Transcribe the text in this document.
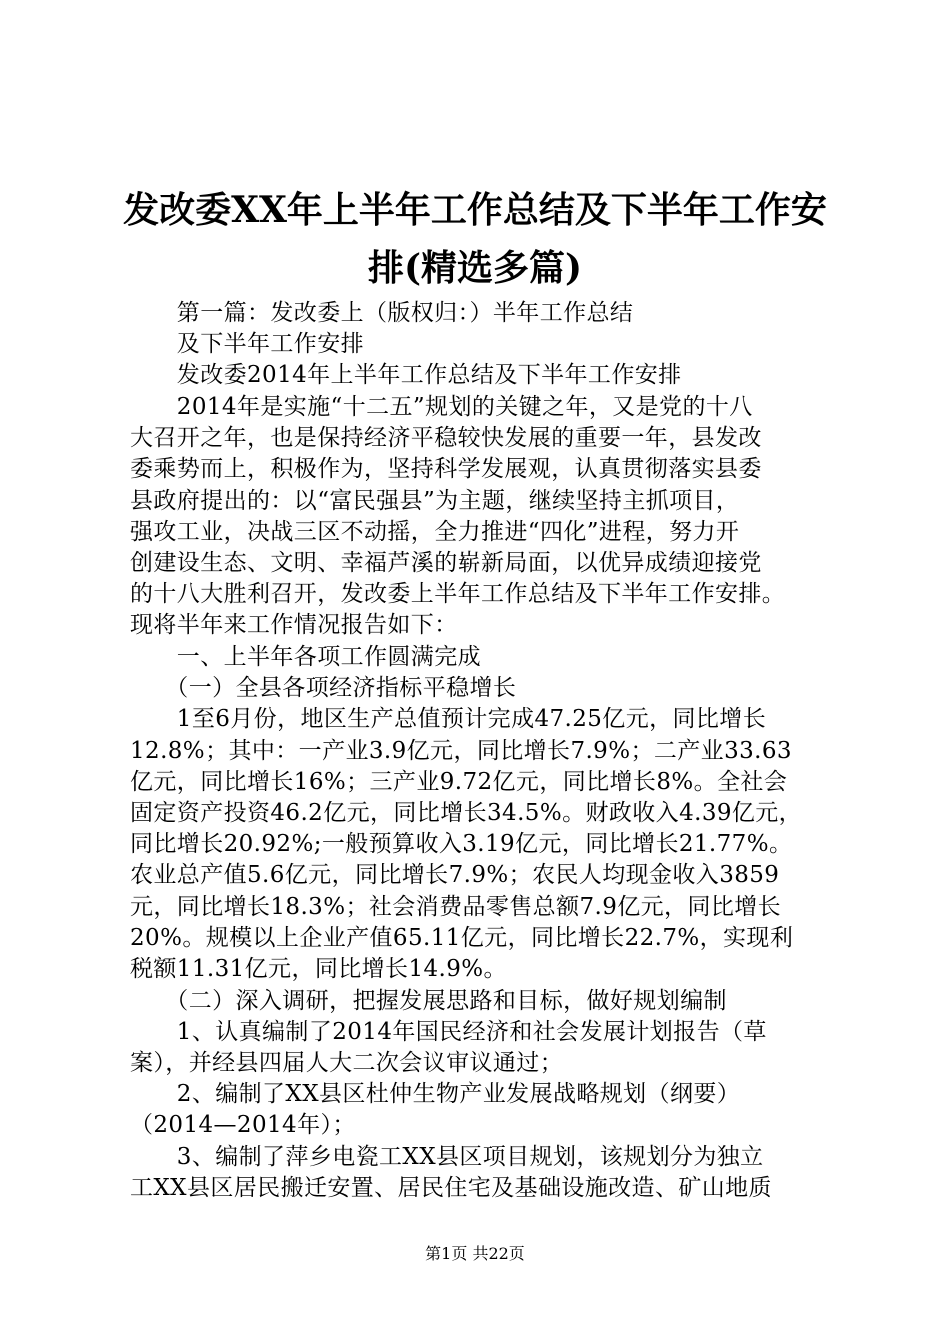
发改委XX年上半年工作总结及下半年工作安
排(精选多篇)
　　第一篇：发改委上（版权归：）半年工作总结
　　及下半年工作安排
　　发改委2014年上半年工作总结及下半年工作安排
　　2014年是实施“十二五”规划的关键之年，又是党的十八
大召开之年，也是保持经济平稳较快发展的重要一年，县发改
委乘势而上，积极作为，坚持科学发展观，认真贯彻落实县委
县政府提出的：以“富民强县”为主题，继续坚持主抓项目，
强攻工业，决战三区不动摇，全力推进“四化”进程，努力开
创建设生态、文明、幸福芦溪的崭新局面，以优异成绩迎接党
的十八大胜利召开，发改委上半年工作总结及下半年工作安排。
现将半年来工作情况报告如下：
　　一、上半年各项工作圆满完成
　　（一）全县各项经济指标平稳增长
　　1至6月份，地区生产总值预计完成47.25亿元，同比增长
12.8%；其中：一产业3.9亿元，同比增长7.9%；二产业33.63
亿元，同比增长16%；三产业9.72亿元，同比增长8%。全社会
固定资产投资46.2亿元，同比增长34.5%。财政收入4.39亿元，
同比增长20.92%;一般预算收入3.19亿元，同比增长21.77%。
农业总产值5.6亿元，同比增长7.9%；农民人均现金收入3859
元，同比增长18.3%；社会消费品零售总额7.9亿元，同比增长
20%。规模以上企业产值65.11亿元，同比增长22.7%，实现利
税额11.31亿元，同比增长14.9%。
　　（二）深入调研，把握发展思路和目标，做好规划编制
　　1、认真编制了2014年国民经济和社会发展计划报告（草
案），并经县四届人大二次会议审议通过；
　　2、编制了XX县区杜仲生物产业发展战略规划（纲要）
（2014—2014年）；
　　3、编制了萍乡电瓷工XX县区项目规划，该规划分为独立
工XX县区居民搬迁安置、居民住宅及基础设施改造、矿山地质
第1页 共22页
